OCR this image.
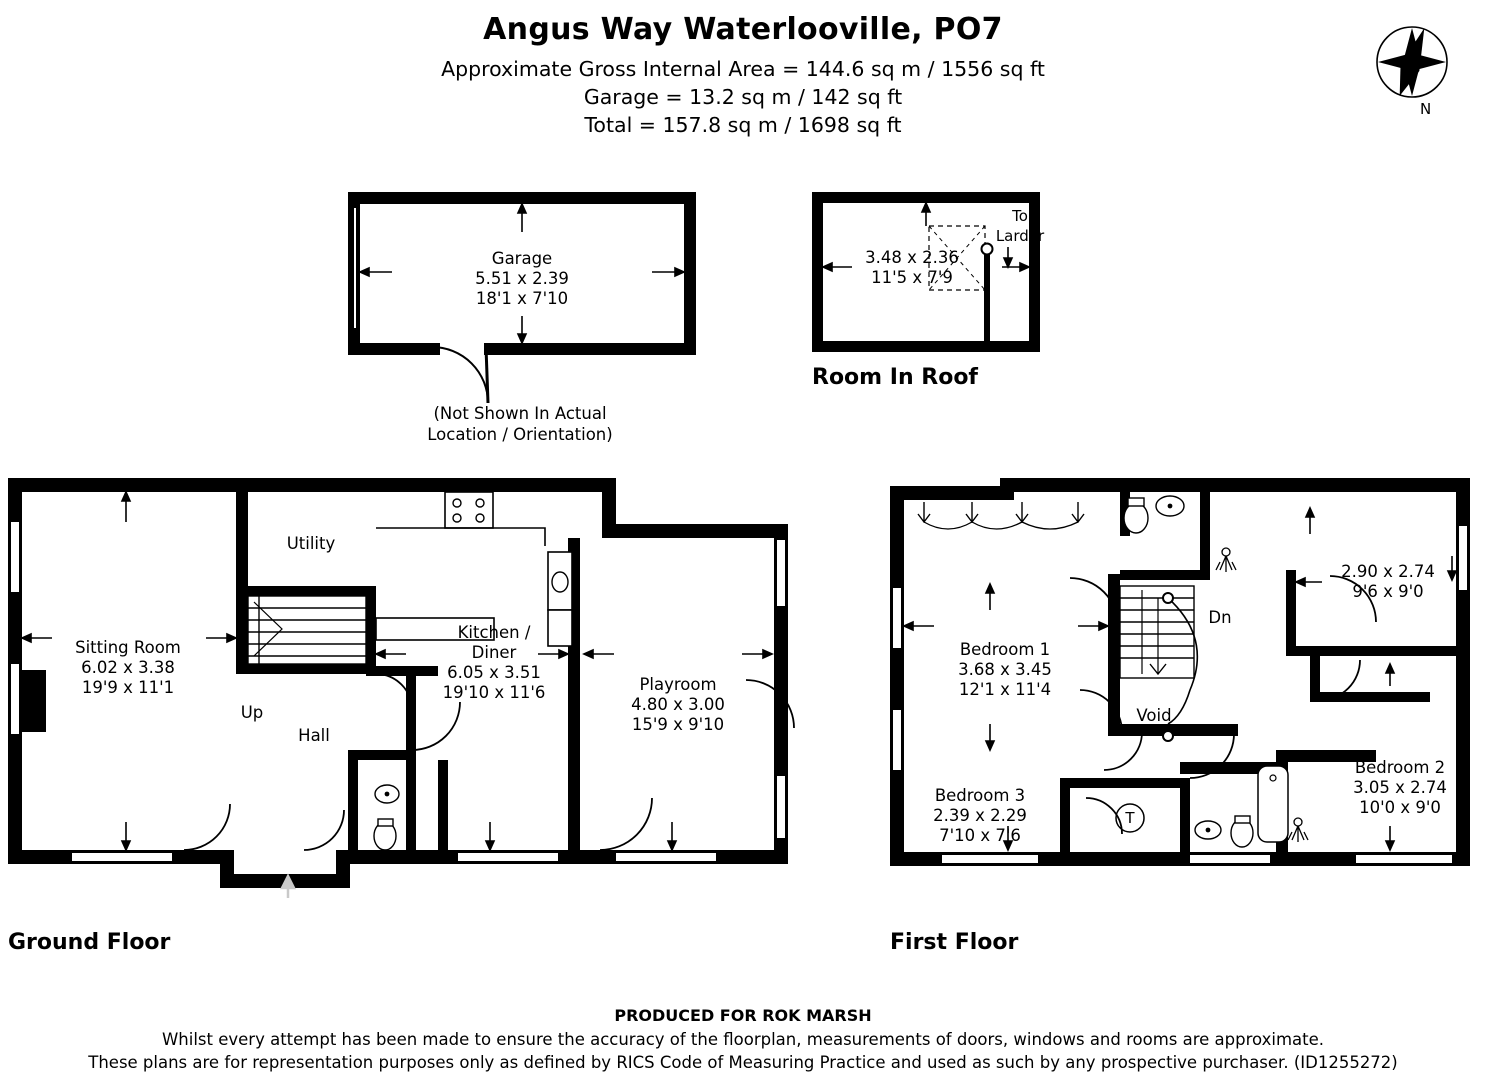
Angus Way Waterlooville, PO7
Approximate Gross Internal Area = 144.6 sq m / 1556 sq ft
Garage = 13.2 sq m / 142 sq ft
Total = 157.8 sq m / 1698 sq ft
N
Garage
5.51 x 2.39
18'1 x 7'10
(Not Shown In Actual
Location / Orientation)
3.48 x 2.36
11'5 x 7'9
To
Larder
Room In Roof
Sitting Room
6.02 x 3.38
19'9 x 11'1
Kitchen /
Diner
6.05 x 3.51
19'10 x 11'6	Playroom
4.80 x 3.00
15'9 x 9'10
Utility
Hall
Up
Ground Floor
Bedroom 1
3.68 x 3.45
12'1 x 11'4
2.90 x 2.74
9'6 x 9'0
Bedroom 2
3.05 x 2.74
10'0 x 9'0
Bedroom 3
2.39 x 2.29
7'10 x 7'6
Dn
Void
T
First Floor
PRODUCED FOR ROK MARSH
Whilst every attempt has been made to ensure the accuracy of the floorplan, measurements of doors, windows and rooms are approximate.
These plans are for representation purposes only as defined by RICS Code of Measuring Practice and used as such by any prospective purchaser. (ID1255272)
